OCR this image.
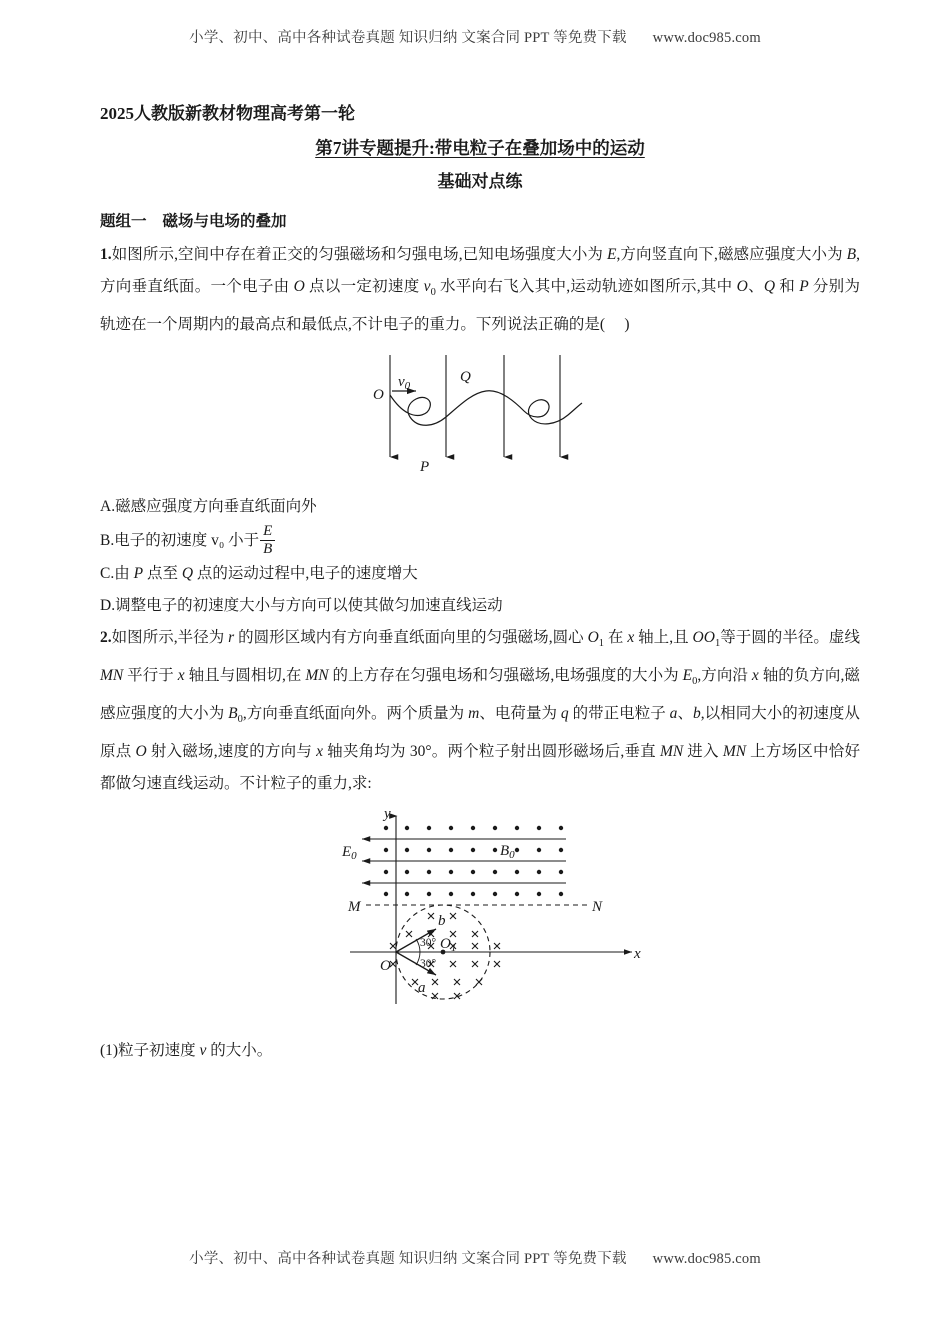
小学、初中、高中各种试卷真题 知识归纳 文案合同 PPT 等免费下载 www.doc985.com
2025人教版新教材物理高考第一轮
第7讲专题提升:带电粒子在叠加场中的运动
基础对点练
题组一 磁场与电场的叠加

1.如图所示,空间中存在着正交的匀强磁场和匀强电场,已知电场强度大小为 E,方向竖直向下,磁感应强度大小为 B,方向垂直纸面。一个电子由 O 点以一定初速度 $v_0$ 水平向右飞入其中,运动轨迹如图所示,其中 O、Q 和 P 分别为轨迹在一个周期内的最高点和最低点,不计电子的重力。下列说法正确的是(     )

O
$v_0$
Q
P

A.磁感应强度方向垂直纸面向外

B.电子的初速度 v₀ 小于 $\frac{E}{B}$

C.由 P 点至 Q 点的运动过程中,电子的速度增大

D.调整电子的初速度大小与方向可以使其做匀加速直线运动

2.如图所示,半径为 r 的圆形区域内有方向垂直纸面向里的匀强磁场,圆心 $O_1$ 在 x 轴上,且 $OO_1$等于圆的半径。虚线 MN 平行于 x 轴且与圆相切,在 MN 的上方存在匀强电场和匀强磁场,电场强度的大小为 $E_0$,方向沿 x 轴的负方向,磁感应强度的大小为 $B_0$,方向垂直纸面向外。两个质量为 m、电荷量为 q 的带正电粒子 a、b,以相同大小的初速度从原点 O 射入磁场,速度的方向与 x 轴夹角均为 30°。两个粒子射出圆形磁场后,垂直 MN 进入 MN 上方场区中恰好都做匀速直线运动。不计粒子的重力,求:

y
x
$E_0$	$B_0$
M	N
b
a
30°
30°
O
$O_1$

(1)粒子初速度 v 的大小。

小学、初中、高中各种试卷真题 知识归纳 文案合同 PPT 等免费下载 www.doc985.com
